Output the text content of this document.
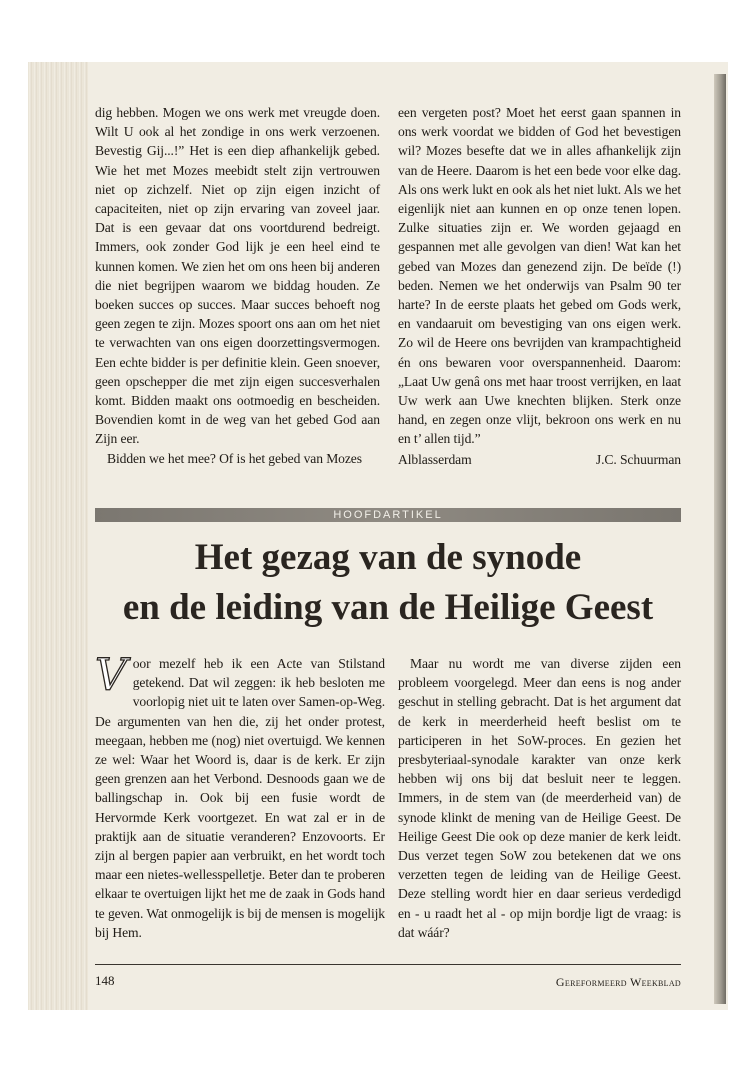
dig hebben. Mogen we ons werk met vreugde doen. Wilt U ook al het zondige in ons werk verzoenen. Bevestig Gij...!” Het is een diep afhankelijk gebed. Wie het met Mozes meebidt stelt zijn vertrouwen niet op zichzelf. Niet op zijn eigen inzicht of capaciteiten, niet op zijn ervaring van zoveel jaar. Dat is een gevaar dat ons voortdurend bedreigt. Immers, ook zonder God lijk je een heel eind te kunnen komen. We zien het om ons heen bij anderen die niet begrijpen waarom we biddag houden. Ze boeken succes op succes. Maar succes behoeft nog geen zegen te zijn. Mozes spoort ons aan om het niet te verwachten van ons eigen doorzettingsvermogen. Een echte bidder is per definitie klein. Geen snoever, geen opschepper die met zijn eigen succesverhalen komt. Bidden maakt ons ootmoedig en bescheiden. Bovendien komt in de weg van het gebed God aan Zijn eer.

Bidden we het mee? Of is het gebed van Mozes

een vergeten post? Moet het eerst gaan spannen in ons werk voordat we bidden of God het bevestigen wil? Mozes besefte dat we in alles afhankelijk zijn van de Heere. Daarom is het een bede voor elke dag. Als ons werk lukt en ook als het niet lukt. Als we het eigenlijk niet aan kunnen en op onze tenen lopen. Zulke situaties zijn er. We worden gejaagd en gespannen met alle gevolgen van dien! Wat kan het gebed van Mozes dan genezend zijn. De beïde (!) beden. Nemen we het onderwijs van Psalm 90 ter harte? In de eerste plaats het gebed om Gods werk, en vandaaruit om bevestiging van ons eigen werk. Zo wil de Heere ons bevrijden van krampachtigheid én ons bewaren voor overspannenheid. Daarom: „Laat Uw genâ ons met haar troost verrijken, en laat Uw werk aan Uwe knechten blijken. Sterk onze hand, en zegen onze vlijt, bekroon ons werk en nu en t’ allen tijd.”

Alblasserdam	J.C. Schuurman
HOOFDARTIKEL
Het gezag van de synode
en de leiding van de Heilige Geest

Voor mezelf heb ik een Acte van Stilstand getekend. Dat wil zeggen: ik heb besloten me voorlopig niet uit te laten over Samen-op-Weg. De argumenten van hen die, zij het onder protest, meegaan, hebben me (nog) niet overtuigd. We kennen ze wel: Waar het Woord is, daar is de kerk. Er zijn geen grenzen aan het Verbond. Desnoods gaan we de ballingschap in. Ook bij een fusie wordt de Hervormde Kerk voortgezet. En wat zal er in de praktijk aan de situatie veranderen? Enzovoorts. Er zijn al bergen papier aan verbruikt, en het wordt toch maar een nietes-wellesspelletje. Beter dan te proberen elkaar te overtuigen lijkt het me de zaak in Gods hand te geven. Wat onmogelijk is bij de mensen is mogelijk bij Hem.

Maar nu wordt me van diverse zijden een probleem voorgelegd. Meer dan eens is nog ander geschut in stelling gebracht. Dat is het argument dat de kerk in meerderheid heeft beslist om te participeren in het SoW-proces. En gezien het presbyteriaal-synodale karakter van onze kerk hebben wij ons bij dat besluit neer te leggen. Immers, in de stem van (de meerderheid van) de synode klinkt de mening van de Heilige Geest. De Heilige Geest Die ook op deze manier de kerk leidt. Dus verzet tegen SoW zou betekenen dat we ons verzetten tegen de leiding van de Heilige Geest. Deze stelling wordt hier en daar serieus verdedigd en - u raadt het al - op mijn bordje ligt de vraag: is dat wáár?

148	Gereformeerd Weekblad
